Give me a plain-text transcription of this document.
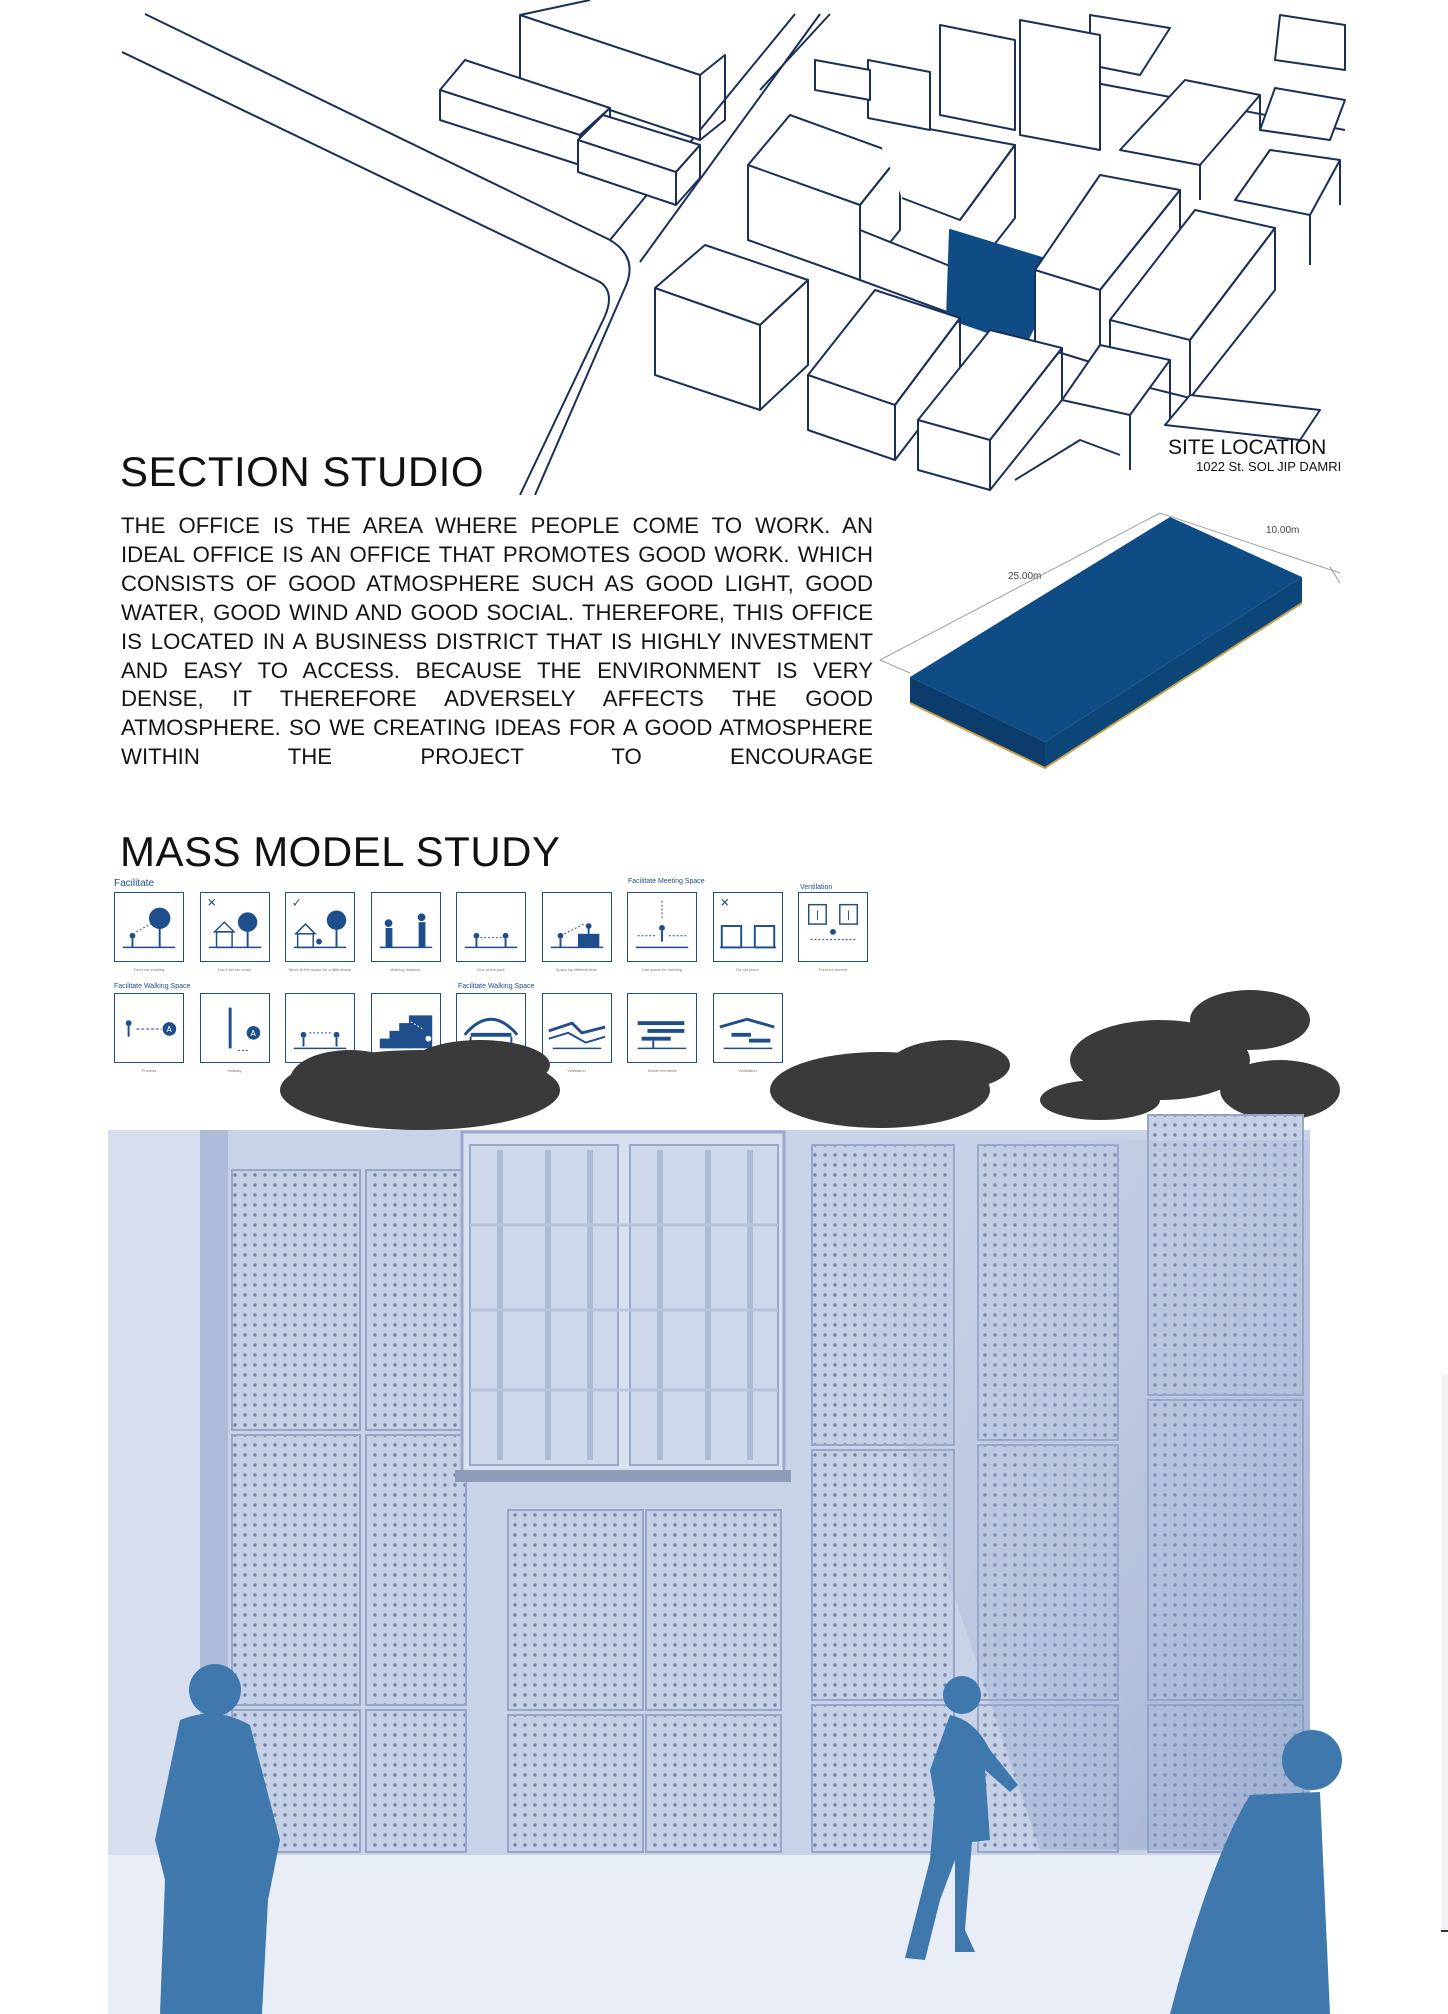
SITE LOCATION
1022 St. SOL JIP DAMRI
SECTION STUDIO

THE OFFICE IS THE AREA WHERE PEOPLE COME TO WORK. AN IDEAL OFFICE IS AN OFFICE THAT PROMOTES GOOD WORK. WHICH CONSISTS OF GOOD ATMOSPHERE SUCH AS GOOD LIGHT, GOOD WATER, GOOD WIND AND GOOD SOCIAL. THEREFORE, THIS OFFICE IS LOCATED IN A BUSINESS DISTRICT THAT IS HIGHLY INVESTMENT AND EASY TO ACCESS. BECAUSE THE ENVIRONMENT IS VERY DENSE, IT THEREFORE ADVERSELY AFFECTS THE GOOD ATMOSPHERE. SO WE CREATING IDEAS FOR A GOOD ATMOSPHERE WITHIN THE PROJECT TO ENCOURAGE

25.00m
10.00m
MASS MODEL STUDY
Facilitate	Facilitate Meeting Space
Ventilation
Facilitate Walking Space	Facilitate Walking Space
Don't cut existing
✕
Don't set too close
✓
Move to the space for a little shade	Walking distance	Line of the park	Space by different level	Use space for meeting
✕
Do not place	Form for breeze
A
Process
A
Hallway	Ventilation	Shade elements	Ventilation
